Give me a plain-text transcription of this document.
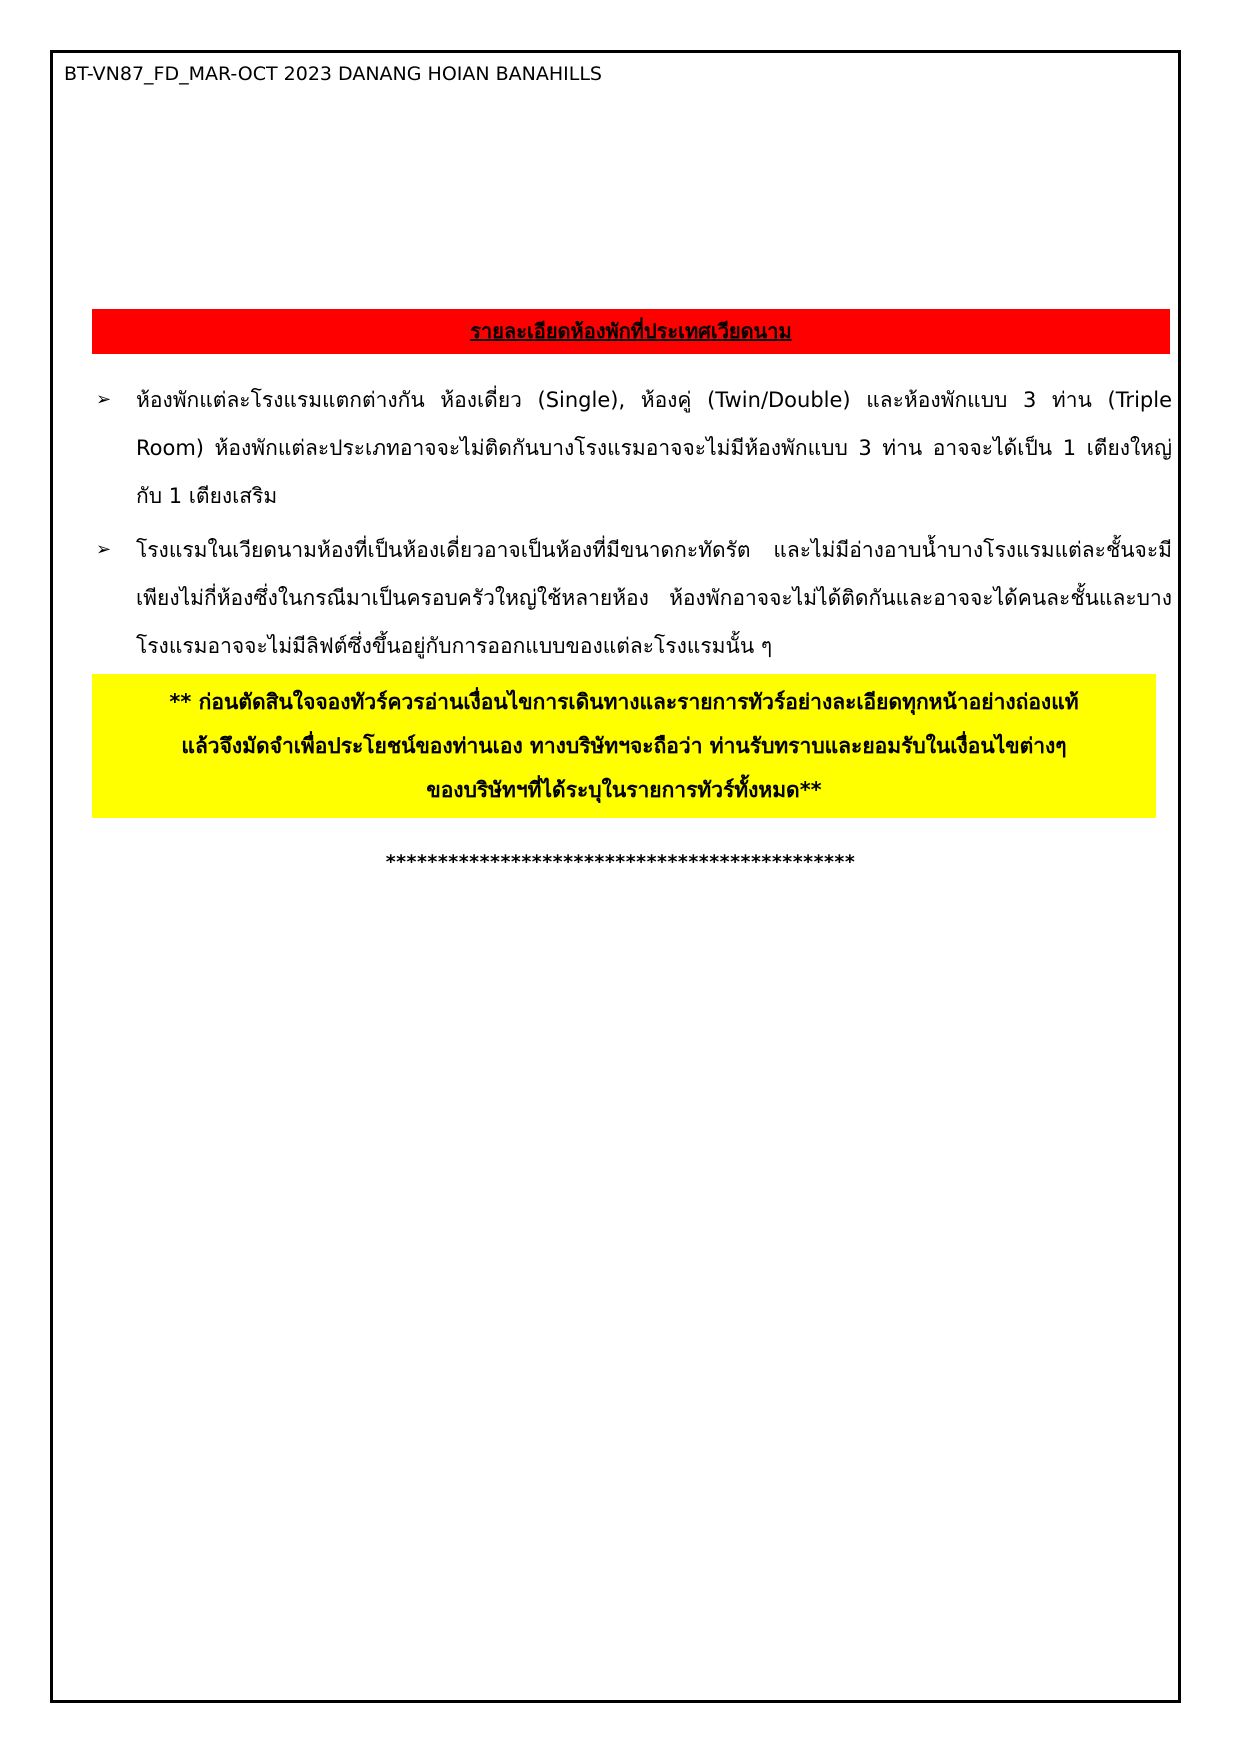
BT-VN87_FD_MAR-OCT 2023 DANANG HOIAN BANAHILLS
รายละเอียดห้องพักที่ประเทศเวียดนาม
➢	ห้องพักแต่ละโรงแรมแตกต่างกัน ห้องเดี่ยว (Single), ห้องคู่ (Twin/Double) และห้องพักแบบ 3 ท่าน (Triple Room) ห้องพักแต่ละประเภทอาจจะไม่ติดกันบางโรงแรมอาจจะไม่มีห้องพักแบบ 3 ท่าน อาจจะได้เป็น 1 เตียงใหญ่กับ 1 เตียงเสริม

➢	โรงแรมในเวียดนามห้องที่เป็นห้องเดี่ยวอาจเป็นห้องที่มีขนาดกะทัดรัต และไม่มีอ่างอาบน้ำบางโรงแรมแต่ละชั้นจะมี เพียงไม่กี่ห้องซึ่งในกรณีมาเป็นครอบครัวใหญ่ใช้หลายห้อง ห้องพักอาจจะไม่ได้ติดกันและอาจจะได้คนละชั้นและบาง โรงแรมอาจจะไม่มีลิฟต์ซึ่งขึ้นอยู่กับการออกแบบของแต่ละโรงแรมนั้น ๆ

** ก่อนตัดสินใจจองทัวร์ควรอ่านเงื่อนไขการเดินทางและรายการทัวร์อย่างละเอียดทุกหน้าอย่างถ่องแท้
แล้วจึงมัดจำเพื่อประโยชน์ของท่านเอง ทางบริษัทฯจะถือว่า ท่านรับทราบและยอมรับในเงื่อนไขต่างๆ
ของบริษัทฯที่ได้ระบุในรายการทัวร์ทั้งหมด**
*********************************************
